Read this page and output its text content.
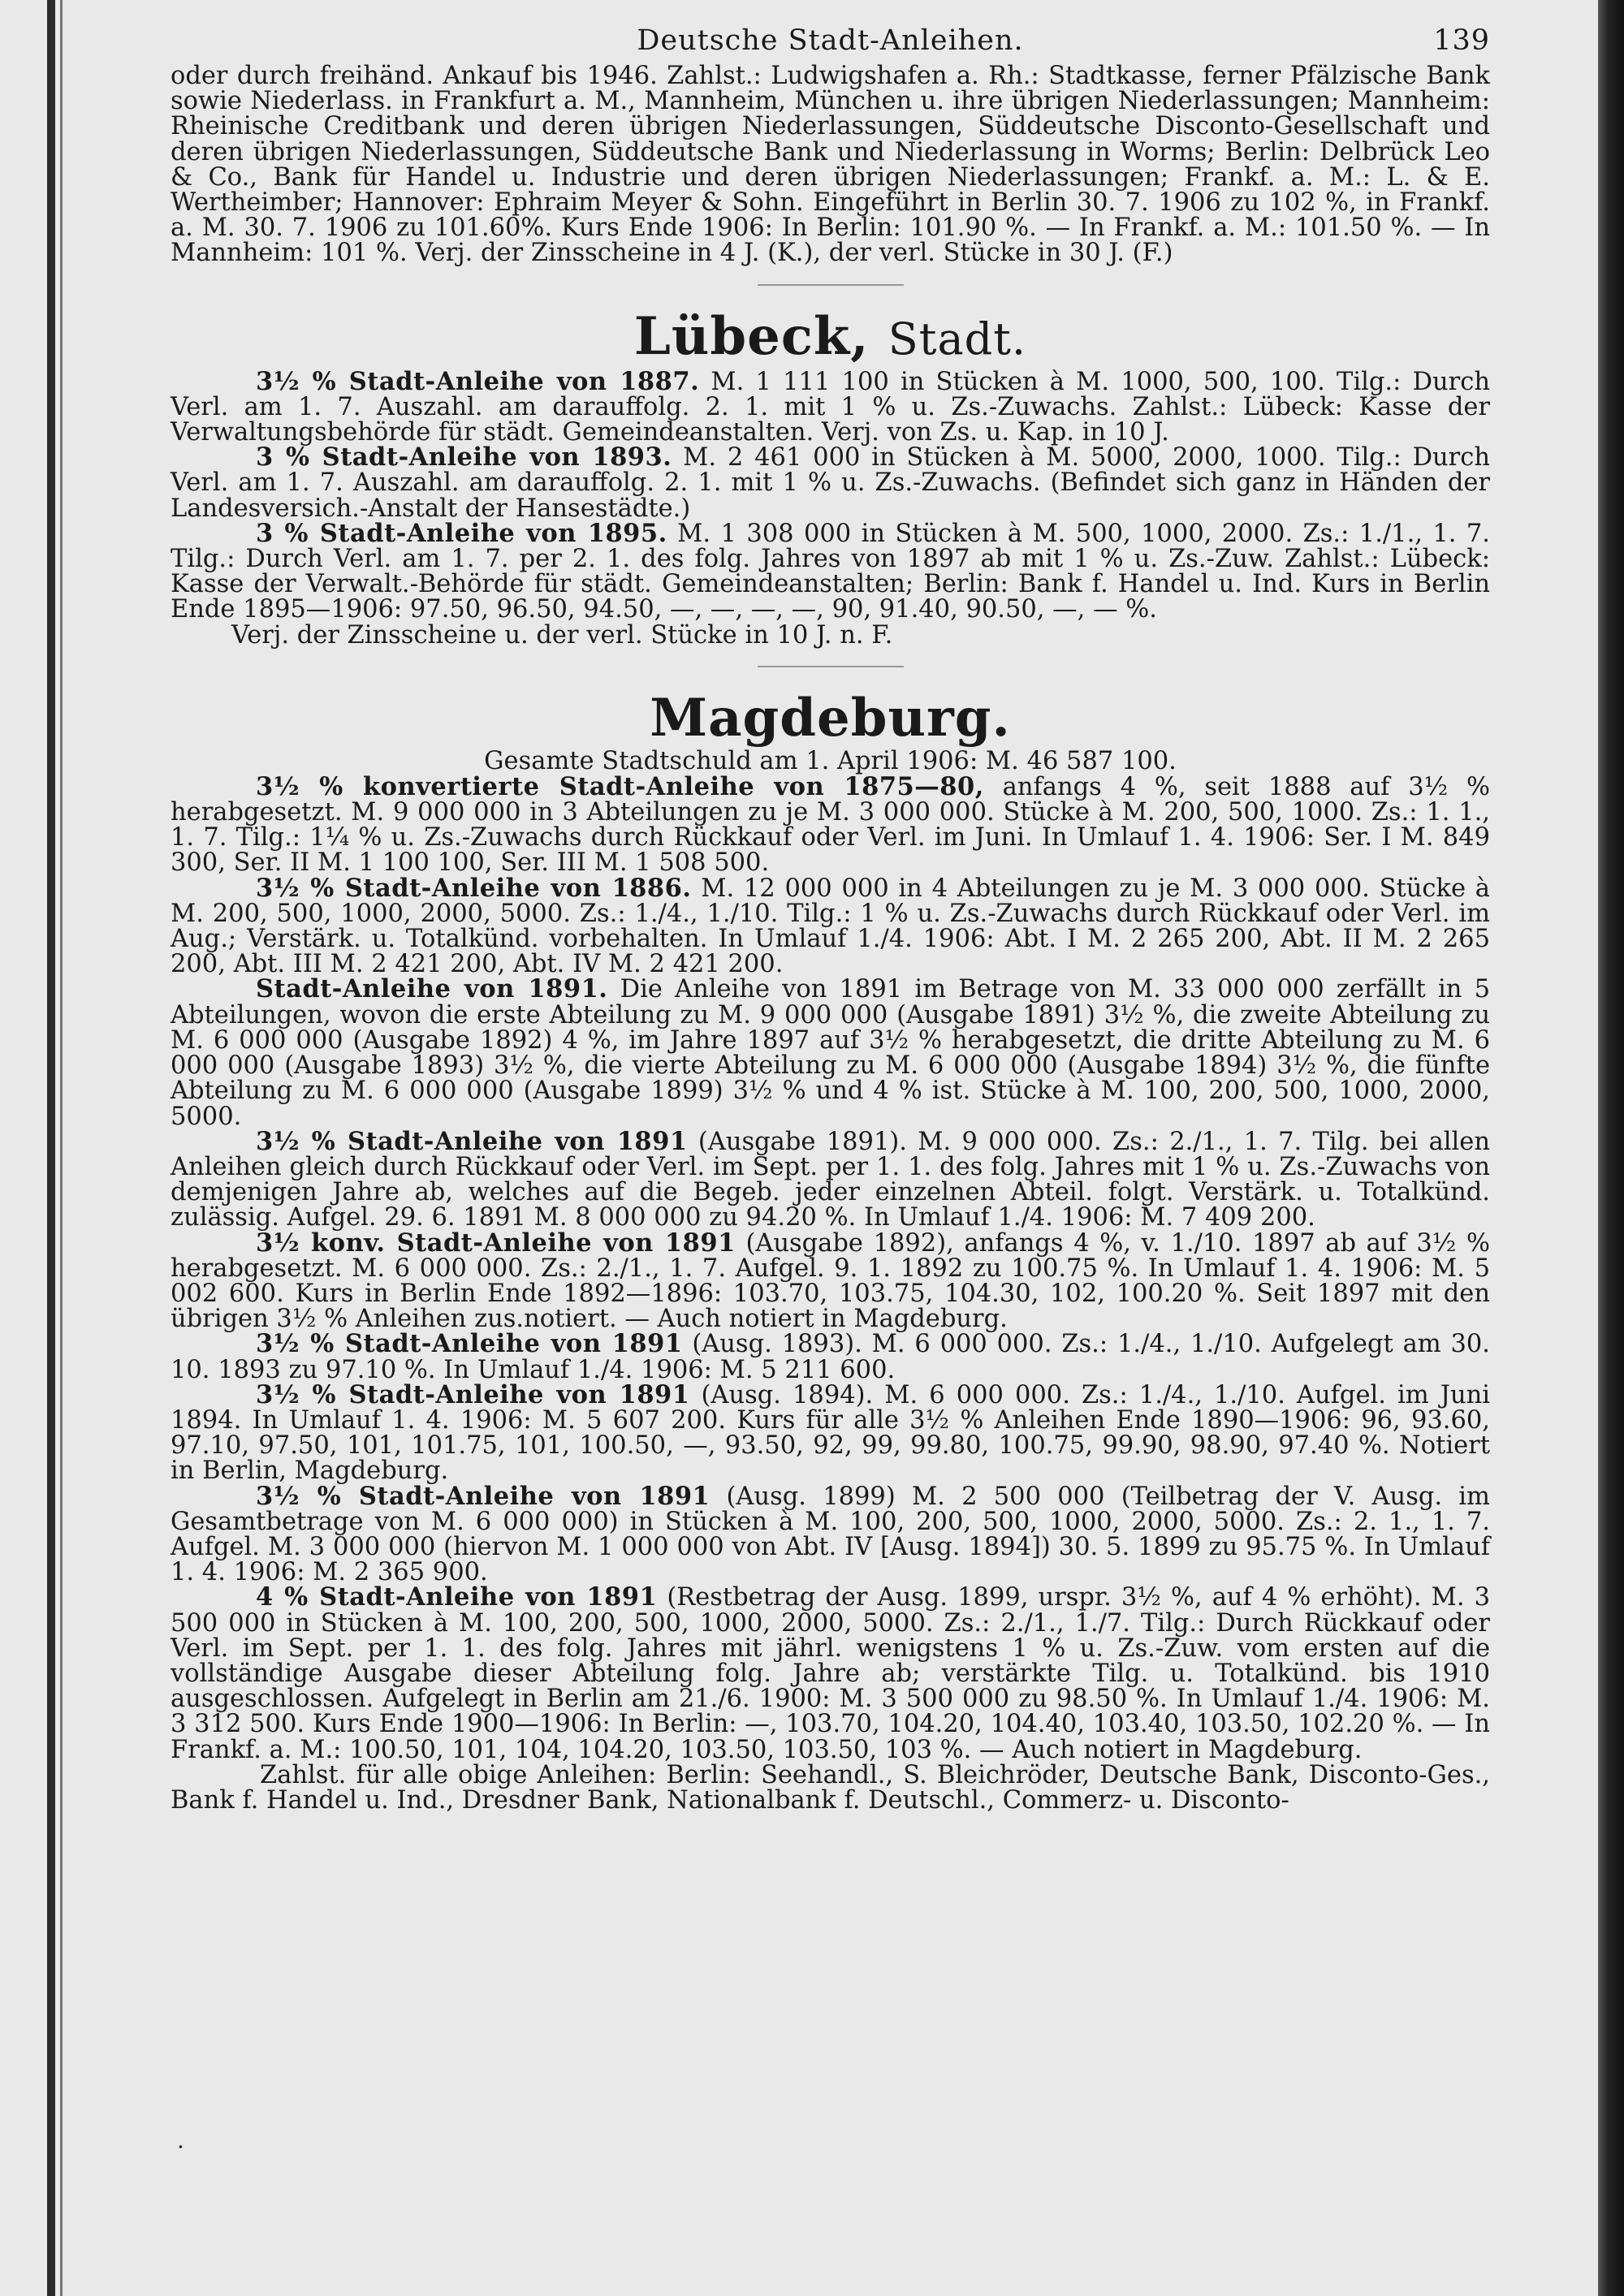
Deutsche Stadt-Anleihen.	139

oder durch freihänd. Ankauf bis 1946. Zahlst.: Ludwigshafen a. Rh.: Stadtkasse, ferner Pfälzische Bank sowie Niederlass. in Frankfurt a. M., Mannheim, München u. ihre übrigen Niederlassungen; Mannheim: Rheinische Creditbank und deren übrigen Niederlassungen, Süddeutsche Disconto-Gesellschaft und deren übrigen Niederlassungen, Süddeutsche Bank und Niederlassung in Worms; Berlin: Delbrück Leo & Co., Bank für Handel u. Industrie und deren übrigen Niederlassungen; Frankf. a. M.: L. & E. Wertheimber; Hannover: Ephraim Meyer & Sohn. Eingeführt in Berlin 30. 7. 1906 zu 102 %, in Frankf. a. M. 30. 7. 1906 zu 101.60%. Kurs Ende 1906: In Berlin: 101.90 %. — In Frankf. a. M.: 101.50 %. — In Mannheim: 101 %. Verj. der Zinsscheine in 4 J. (K.), der verl. Stücke in 30 J. (F.)

Lübeck, Stadt.

3½ % Stadt-Anleihe von 1887. M. 1 111 100 in Stücken à M. 1000, 500, 100. Tilg.: Durch Verl. am 1. 7. Auszahl. am darauffolg. 2. 1. mit 1 % u. Zs.-Zuwachs. Zahlst.: Lübeck: Kasse der Verwaltungsbehörde für städt. Gemeindeanstalten. Verj. von Zs. u. Kap. in 10 J.

3 % Stadt-Anleihe von 1893. M. 2 461 000 in Stücken à M. 5000, 2000, 1000. Tilg.: Durch Verl. am 1. 7. Auszahl. am darauffolg. 2. 1. mit 1 % u. Zs.-Zuwachs. (Befindet sich ganz in Händen der Landesversich.-Anstalt der Hansestädte.)

3 % Stadt-Anleihe von 1895. M. 1 308 000 in Stücken à M. 500, 1000, 2000. Zs.: 1./1., 1. 7. Tilg.: Durch Verl. am 1. 7. per 2. 1. des folg. Jahres von 1897 ab mit 1 % u. Zs.-Zuw. Zahlst.: Lübeck: Kasse der Verwalt.-Behörde für städt. Gemeindeanstalten; Berlin: Bank f. Handel u. Ind. Kurs in Berlin Ende 1895—1906: 97.50, 96.50, 94.50, —, —, —, —, 90, 91.40, 90.50, —, — %.

Verj. der Zinsscheine u. der verl. Stücke in 10 J. n. F.

Magdeburg.
Gesamte Stadtschuld am 1. April 1906: M. 46 587 100.

3½ % konvertierte Stadt-Anleihe von 1875—80, anfangs 4 %, seit 1888 auf 3½ % herabgesetzt. M. 9 000 000 in 3 Abteilungen zu je M. 3 000 000. Stücke à M. 200, 500, 1000. Zs.: 1. 1., 1. 7. Tilg.: 1¼ % u. Zs.-Zuwachs durch Rückkauf oder Verl. im Juni. In Umlauf 1. 4. 1906: Ser. I M. 849 300, Ser. II M. 1 100 100, Ser. III M. 1 508 500.

3½ % Stadt-Anleihe von 1886. M. 12 000 000 in 4 Abteilungen zu je M. 3 000 000. Stücke à M. 200, 500, 1000, 2000, 5000. Zs.: 1./4., 1./10. Tilg.: 1 % u. Zs.-Zuwachs durch Rückkauf oder Verl. im Aug.; Verstärk. u. Totalkünd. vorbehalten. In Umlauf 1./4. 1906: Abt. I M. 2 265 200, Abt. II M. 2 265 200, Abt. III M. 2 421 200, Abt. IV M. 2 421 200.

Stadt-Anleihe von 1891. Die Anleihe von 1891 im Betrage von M. 33 000 000 zerfällt in 5 Abteilungen, wovon die erste Abteilung zu M. 9 000 000 (Ausgabe 1891) 3½ %, die zweite Abteilung zu M. 6 000 000 (Ausgabe 1892) 4 %, im Jahre 1897 auf 3½ % herabgesetzt, die dritte Abteilung zu M. 6 000 000 (Ausgabe 1893) 3½ %, die vierte Abteilung zu M. 6 000 000 (Ausgabe 1894) 3½ %, die fünfte Abteilung zu M. 6 000 000 (Ausgabe 1899) 3½ % und 4 % ist. Stücke à M. 100, 200, 500, 1000, 2000, 5000.

3½ % Stadt-Anleihe von 1891 (Ausgabe 1891). M. 9 000 000. Zs.: 2./1., 1. 7. Tilg. bei allen Anleihen gleich durch Rückkauf oder Verl. im Sept. per 1. 1. des folg. Jahres mit 1 % u. Zs.-Zuwachs von demjenigen Jahre ab, welches auf die Begeb. jeder einzelnen Abteil. folgt. Verstärk. u. Totalkünd. zulässig. Aufgel. 29. 6. 1891 M. 8 000 000 zu 94.20 %. In Umlauf 1./4. 1906: M. 7 409 200.

3½ konv. Stadt-Anleihe von 1891 (Ausgabe 1892), anfangs 4 %, v. 1./10. 1897 ab auf 3½ % herabgesetzt. M. 6 000 000. Zs.: 2./1., 1. 7. Aufgel. 9. 1. 1892 zu 100.75 %. In Umlauf 1. 4. 1906: M. 5 002 600. Kurs in Berlin Ende 1892—1896: 103.70, 103.75, 104.30, 102, 100.20 %. Seit 1897 mit den übrigen 3½ % Anleihen zus.notiert. — Auch notiert in Magdeburg.

3½ % Stadt-Anleihe von 1891 (Ausg. 1893). M. 6 000 000. Zs.: 1./4., 1./10. Aufgelegt am 30. 10. 1893 zu 97.10 %. In Umlauf 1./4. 1906: M. 5 211 600.

3½ % Stadt-Anleihe von 1891 (Ausg. 1894). M. 6 000 000. Zs.: 1./4., 1./10. Aufgel. im Juni 1894. In Umlauf 1. 4. 1906: M. 5 607 200. Kurs für alle 3½ % Anleihen Ende 1890—1906: 96, 93.60, 97.10, 97.50, 101, 101.75, 101, 100.50, —, 93.50, 92, 99, 99.80, 100.75, 99.90, 98.90, 97.40 %. Notiert in Berlin, Magdeburg.

3½ % Stadt-Anleihe von 1891 (Ausg. 1899) M. 2 500 000 (Teilbetrag der V. Ausg. im Gesamtbetrage von M. 6 000 000) in Stücken à M. 100, 200, 500, 1000, 2000, 5000. Zs.: 2. 1., 1. 7. Aufgel. M. 3 000 000 (hiervon M. 1 000 000 von Abt. IV [Ausg. 1894]) 30. 5. 1899 zu 95.75 %. In Umlauf 1. 4. 1906: M. 2 365 900.

4 % Stadt-Anleihe von 1891 (Restbetrag der Ausg. 1899, urspr. 3½ %, auf 4 % erhöht). M. 3 500 000 in Stücken à M. 100, 200, 500, 1000, 2000, 5000. Zs.: 2./1., 1./7. Tilg.: Durch Rückkauf oder Verl. im Sept. per 1. 1. des folg. Jahres mit jährl. wenigstens 1 % u. Zs.-Zuw. vom ersten auf die vollständige Ausgabe dieser Abteilung folg. Jahre ab; verstärkte Tilg. u. Totalkünd. bis 1910 ausgeschlossen. Aufgelegt in Berlin am 21./6. 1900: M. 3 500 000 zu 98.50 %. In Umlauf 1./4. 1906: M. 3 312 500. Kurs Ende 1900—1906: In Berlin: —, 103.70, 104.20, 104.40, 103.40, 103.50, 102.20 %. — In Frankf. a. M.: 100.50, 101, 104, 104.20, 103.50, 103.50, 103 %. — Auch notiert in Magdeburg.

Zahlst. für alle obige Anleihen: Berlin: Seehandl., S. Bleichröder, Deutsche Bank, Disconto-Ges., Bank f. Handel u. Ind., Dresdner Bank, Nationalbank f. Deutschl., Commerz- u. Disconto-

·
